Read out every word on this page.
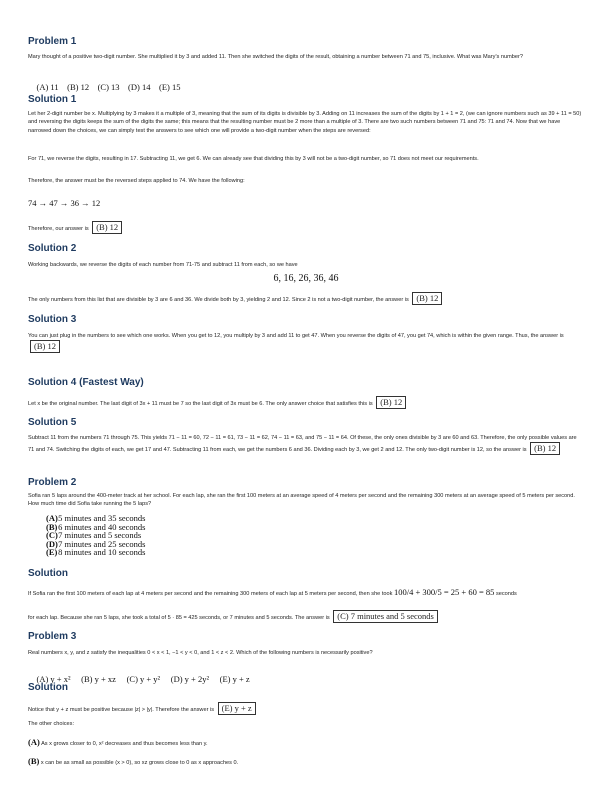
Problem 1
Mary thought of a positive two-digit number. She multiplied it by 3 and added 11. Then she switched the digits of the result, obtaining a number between 71 and 75, inclusive. What was Mary's number?

(A) 11 (B) 12 (C) 13 (D) 14 (E) 15

Solution 1
Let her 2-digit number be x. Multiplying by 3 makes it a multiple of 3, meaning that the sum of its digits is divisible by 3. Adding on 11 increases the sum of the digits by 1 + 1 = 2, (we can ignore numbers such as 39 + 11 = 50) and reversing the digits keeps the sum of the digits the same; this means that the resulting number must be 2 more than a multiple of 3. There are two such numbers between 71 and 75: 71 and 74. Now that we have narrowed down the choices, we can simply test the answers to see which one will provide a two-digit number when the steps are reversed:
For 71, we reverse the digits, resulting in 17. Subtracting 11, we get 6. We can already see that dividing this by 3 will not be a two-digit number, so 71 does not meet our requirements.
Therefore, the answer must be the reversed steps applied to 74. We have the following:
74 → 47 → 36 → 12
Therefore, our answer is (B) 12
Solution 2
Working backwards, we reverse the digits of each number from 71-75 and subtract 11 from each, so we have
6, 16, 26, 36, 46
The only numbers from this list that are divisible by 3 are 6 and 36. We divide both by 3, yielding 2 and 12. Since 2 is not a two-digit number, the answer is (B) 12
Solution 3
You can just plug in the numbers to see which one works. When you get to 12, you multiply by 3 and add 11 to get 47. When you reverse the digits of 47, you get 74, which is within the given range. Thus, the answer is (B) 12
Solution 4 (Fastest Way)
Let x be the original number. The last digit of 3x + 11 must be 7 so the last digit of 3x must be 6. The only answer choice that satisfies this is (B) 12
Solution 5
Subtract 11 from the numbers 71 through 75. This yields 71 − 11 = 60, 72 − 11 = 61, 73 − 11 = 62, 74 − 11 = 63, and 75 − 11 = 64. Of these, the only ones divisible by 3 are 60 and 63. Therefore, the only possible values are 71 and 74. Switching the digits of each, we get 17 and 47. Subtracting 11 from each, we get the numbers 6 and 36. Dividing each by 3, we get 2 and 12. The only two-digit number is 12, so the answer is (B) 12
Problem 2
Sofia ran 5 laps around the 400-meter track at her school. For each lap, she ran the first 100 meters at an average speed of 4 meters per second and the remaining 300 meters at an average speed of 5 meters per second. How much time did Sofia take running the 5 laps?
(A) 5 minutes and 35 seconds
(B) 6 minutes and 40 seconds
(C) 7 minutes and 5 seconds
(D) 7 minutes and 25 seconds
(E) 8 minutes and 10 seconds
Solution
If Sofia ran the first 100 meters of each lap at 4 meters per second and the remaining 300 meters of each lap at 5 meters per second, then she took 100/4 + 300/5 = 25 + 60 = 85 seconds
for each lap. Because she ran 5 laps, she took a total of 5 · 85 = 425 seconds, or 7 minutes and 5 seconds. The answer is (C) 7 minutes and 5 seconds
Problem 3
Real numbers x, y, and z satisfy the inequalities 0 < x < 1, −1 < y < 0, and 1 < z < 2. Which of the following numbers is necessarily positive?

(A) y + x² (B) y + xz (C) y + y² (D) y + 2y² (E) y + z

Solution
Notice that y + z must be positive because |z| > |y|. Therefore the answer is (E) y + z
The other choices:
(A) As x grows closer to 0, x² decreases and thus becomes less than y.
(B) x can be as small as possible (x > 0), so xz grows close to 0 as x approaches 0.
